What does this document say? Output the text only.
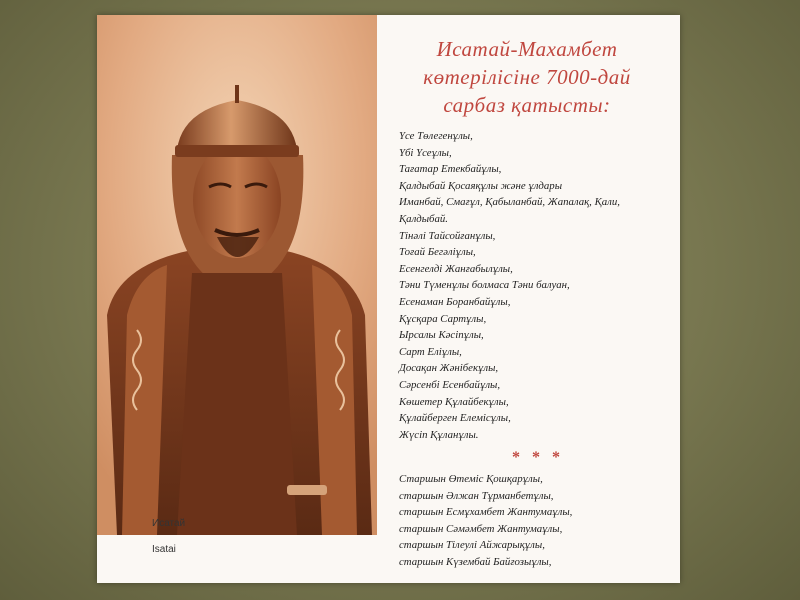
Исатай
Isatai
Исатай-Махамбет
көтерілісіне 7000-дай
сарбаз қатысты:
Үсе Төлегенұлы,
Үбі Үсеұлы,
Тағатар Етекбайұлы,
Қалдыбай Қосаяқұлы және ұлдары
Иманбай, Смағұл, Қабыланбай, Жапалақ, Қали,
Қалдыбай.
Тінәлі Тайсойғанұлы,
Тоғай Бегәліұлы,
Есенгелді Жанғабылұлы,
Тәни Түменұлы болмаса Тәни балуан,
Есенаман Боранбайұлы,
Құсқара Сартұлы,
Ырсалы Кәсіпұлы,
Сарт Еліұлы,
Досақан Жәнібекұлы,
Сәрсенбі Есенбайұлы,
Көшетер Құлайбекұлы,
Құлайберген Елемісұлы,
Жүсіп Құланұлы.
* * *
Старшын Өтеміс Қошқарұлы,
старшын Әлжан Тұрманбетұлы,
старшын Есмұхамбет Жантумаұлы,
старшын Сәмәмбет Жантумаұлы,
старшын Тілеулі Айжарықұлы,
старшын Күзембай Байғозыұлы,
